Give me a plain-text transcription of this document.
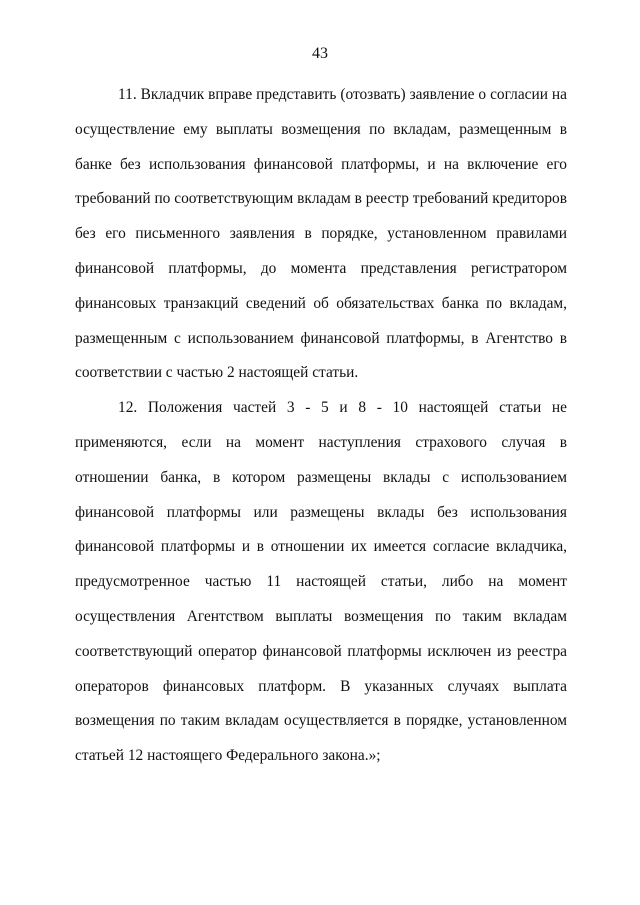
43

11. Вкладчик вправе представить (отозвать) заявление о согласии на осуществление ему выплаты возмещения по вкладам, размещенным в банке без использования финансовой платформы, и на включение его требований по соответствующим вкладам в реестр требований кредиторов без его письменного заявления в порядке, установленном правилами финансовой платформы, до момента представления регистратором финансовых транзакций сведений об обязательствах банка по вкладам, размещенным с использованием финансовой платформы, в Агентство в соответствии с частью 2 настоящей статьи.

12. Положения частей 3 - 5 и 8 - 10 настоящей статьи не применяются, если на момент наступления страхового случая в отношении банка, в котором размещены вклады с использованием финансовой платформы или размещены вклады без использования финансовой платформы и в отношении их имеется согласие вкладчика, предусмотренное частью 11 настоящей статьи, либо на момент осуществления Агентством выплаты возмещения по таким вкладам соответствующий оператор финансовой платформы исключен из реестра операторов финансовых платформ. В указанных случаях выплата возмещения по таким вкладам осуществляется в порядке, установленном статьей 12 настоящего Федерального закона.»;
